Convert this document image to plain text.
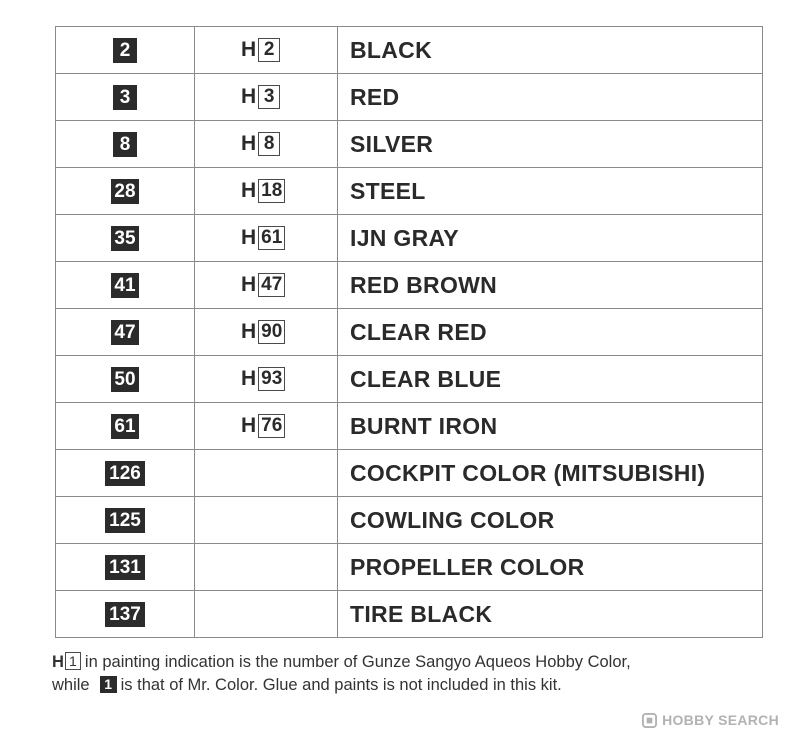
2	H 2	BLACK
3	H 3	RED
8	H 8	SILVER
28	H 18	STEEL
35	H 61	IJN GRAY
41	H 47	RED BROWN
47	H 90	CLEAR RED
50	H 93	CLEAR BLUE
61	H 76	BURNT IRON
126		COCKPIT COLOR (MITSUBISHI)
125		COWLING COLOR
131		PROPELLER COLOR
137		TIRE BLACK
H 1 in painting indication is the number of Gunze Sangyo Aqueos Hobby Color,
while 1 is that of Mr. Color. Glue and paints is not included in this kit.
HOBBY SEARCH
